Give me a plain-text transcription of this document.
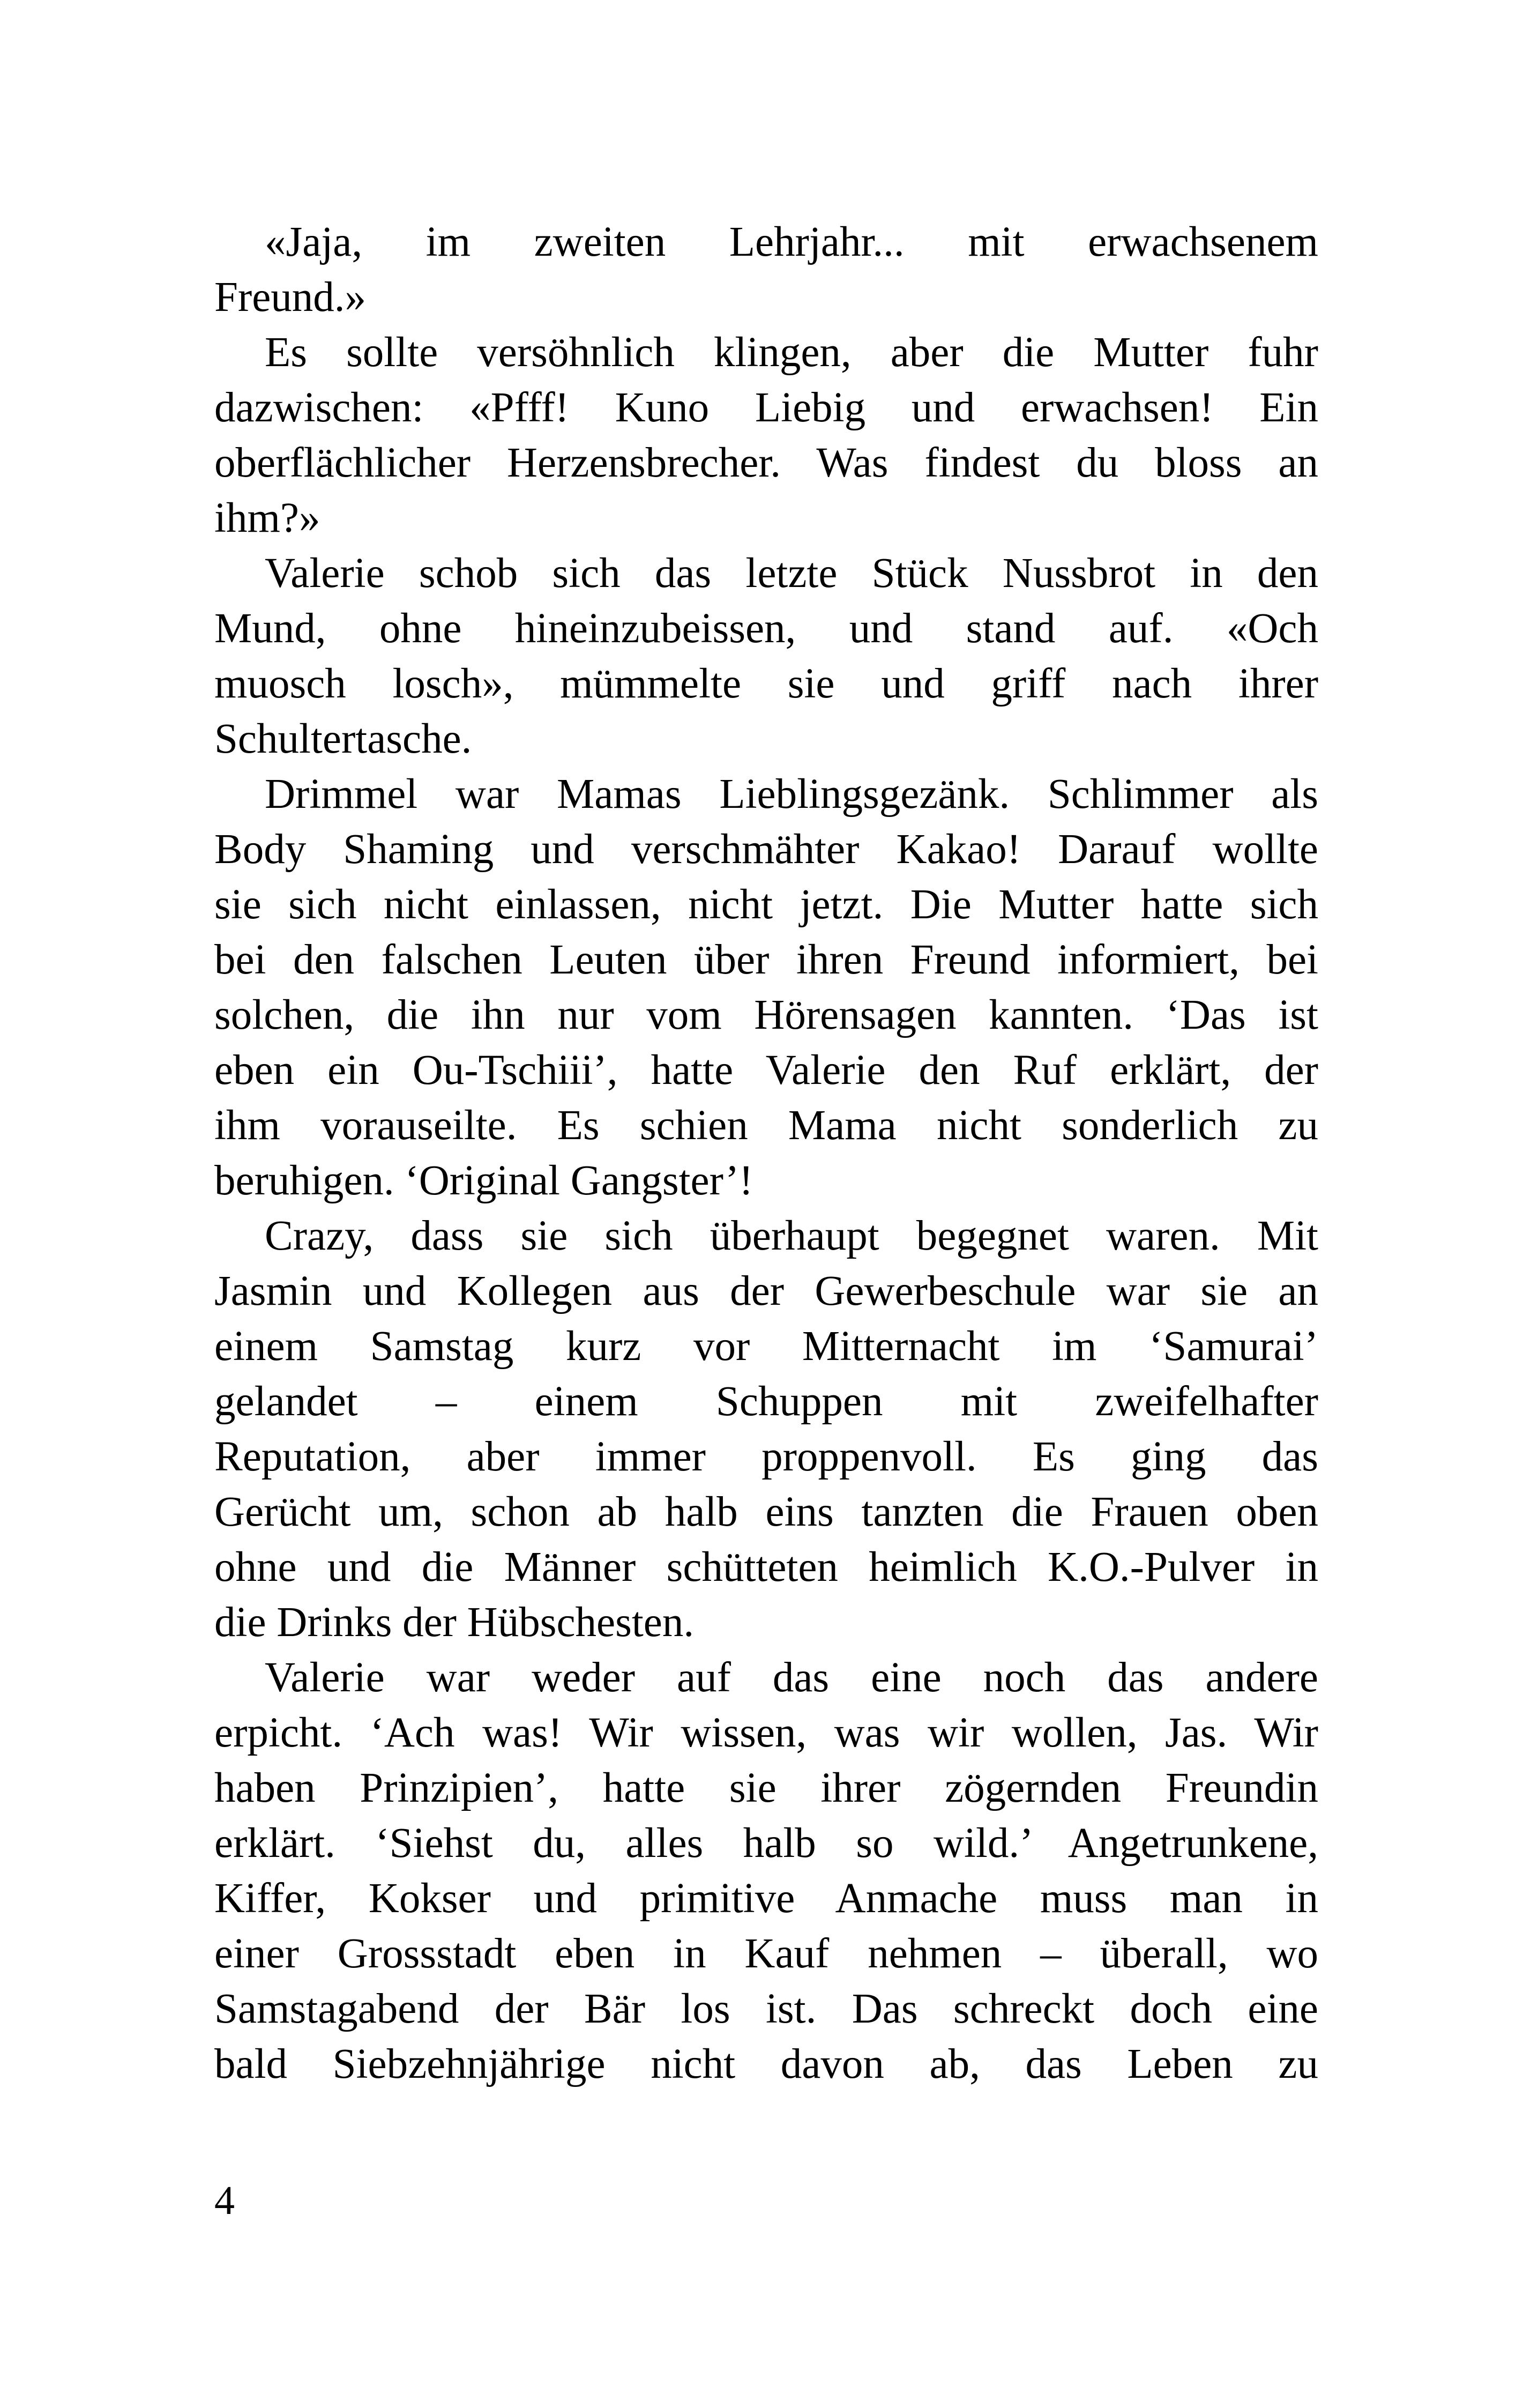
«Jaja, im zweiten Lehrjahr... mit erwachsenem
Freund.»
Es sollte versöhnlich klingen, aber die Mutter fuhr
dazwischen: «Pfff! Kuno Liebig und erwachsen! Ein
oberflächlicher Herzensbrecher. Was findest du bloss an
ihm?»
Valerie schob sich das letzte Stück Nussbrot in den
Mund, ohne hineinzubeissen, und stand auf. «Och
muosch losch», mümmelte sie und griff nach ihrer
Schultertasche.
Drimmel war Mamas Lieblingsgezänk. Schlimmer als
Body Shaming und verschmähter Kakao! Darauf wollte
sie sich nicht einlassen, nicht jetzt. Die Mutter hatte sich
bei den falschen Leuten über ihren Freund informiert, bei
solchen, die ihn nur vom Hörensagen kannten. ‘Das ist
eben ein Ou-Tschiii’, hatte Valerie den Ruf erklärt, der
ihm vorauseilte. Es schien Mama nicht sonderlich zu
beruhigen. ‘Original Gangster’!
Crazy, dass sie sich überhaupt begegnet waren. Mit
Jasmin und Kollegen aus der Gewerbeschule war sie an
einem Samstag kurz vor Mitternacht im ‘Samurai’
gelandet – einem Schuppen mit zweifelhafter
Reputation, aber immer proppenvoll. Es ging das
Gerücht um, schon ab halb eins tanzten die Frauen oben
ohne und die Männer schütteten heimlich K.O.-Pulver in
die Drinks der Hübschesten.
Valerie war weder auf das eine noch das andere
erpicht. ‘Ach was! Wir wissen, was wir wollen, Jas. Wir
haben Prinzipien’, hatte sie ihrer zögernden Freundin
erklärt. ‘Siehst du, alles halb so wild.’ Angetrunkene,
Kiffer, Kokser und primitive Anmache muss man in
einer Grossstadt eben in Kauf nehmen – überall, wo
Samstagabend der Bär los ist. Das schreckt doch eine
bald Siebzehnjährige nicht davon ab, das Leben zu
4
